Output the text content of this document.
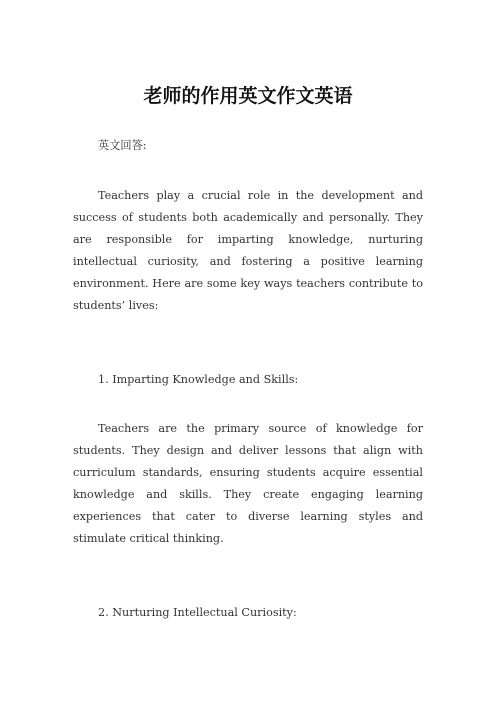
老师的作用英文作文英语

英文回答:

Teachers play a crucial role in the development and success of students both academically and personally. They are responsible for imparting knowledge, nurturing intellectual curiosity, and fostering a positive learning environment. Here are some key ways teachers contribute to students’ lives:

1. Imparting Knowledge and Skills:

Teachers are the primary source of knowledge for students. They design and deliver lessons that align with curriculum standards, ensuring students acquire essential knowledge and skills. They create engaging learning experiences that cater to diverse learning styles and stimulate critical thinking.

2. Nurturing Intellectual Curiosity:
